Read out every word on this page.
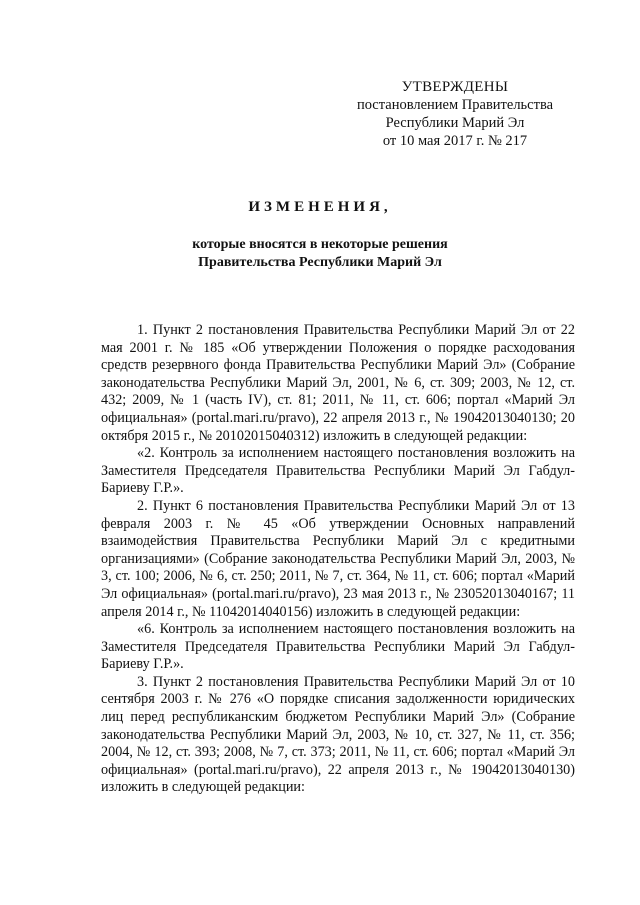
УТВЕРЖДЕНЫ
постановлением Правительства
Республики Марий Эл
от 10 мая 2017 г. № 217
ИЗМЕНЕНИЯ,
которые вносятся в некоторые решения
Правительства Республики Марий Эл

1. Пункт 2 постановления Правительства Республики Марий Эл от 22 мая 2001 г. № 185 «Об утверждении Положения о порядке расходования средств резервного фонда Правительства Республики Марий Эл» (Собрание законодательства Республики Марий Эл, 2001, № 6, ст. 309; 2003, № 12, ст. 432; 2009, № 1 (часть IV), ст. 81; 2011, № 11, ст. 606; портал «Марий Эл официальная» (portal.mari.ru/pravo), 22 апреля 2013 г., № 19042013040130; 20 октября 2015 г., № 20102015040312) изложить в следующей редакции:

«2. Контроль за исполнением настоящего постановления возложить на Заместителя Председателя Правительства Республики Марий Эл Габдул-Бариеву Г.Р.».

2. Пункт 6 постановления Правительства Республики Марий Эл от 13 февраля 2003 г. № 45 «Об утверждении Основных направлений взаимодействия Правительства Республики Марий Эл с кредитными организациями» (Собрание законодательства Республики Марий Эл, 2003, № 3, ст. 100; 2006, № 6, ст. 250; 2011, № 7, ст. 364, № 11, ст. 606; портал «Марий Эл официальная» (portal.mari.ru/pravo), 23 мая 2013 г., № 23052013040167; 11 апреля 2014 г., № 11042014040156) изложить в следующей редакции:

«6. Контроль за исполнением настоящего постановления возложить на Заместителя Председателя Правительства Республики Марий Эл Габдул-Бариеву Г.Р.».

3. Пункт 2 постановления Правительства Республики Марий Эл от 10 сентября 2003 г. № 276 «О порядке списания задолженности юридических лиц перед республиканским бюджетом Республики Марий Эл» (Собрание законодательства Республики Марий Эл, 2003, № 10, ст. 327, № 11, ст. 356; 2004, № 12, ст. 393; 2008, № 7, ст. 373; 2011, № 11, ст. 606; портал «Марий Эл официальная» (portal.mari.ru/pravo), 22 апреля 2013 г., № 19042013040130) изложить в следующей редакции:
